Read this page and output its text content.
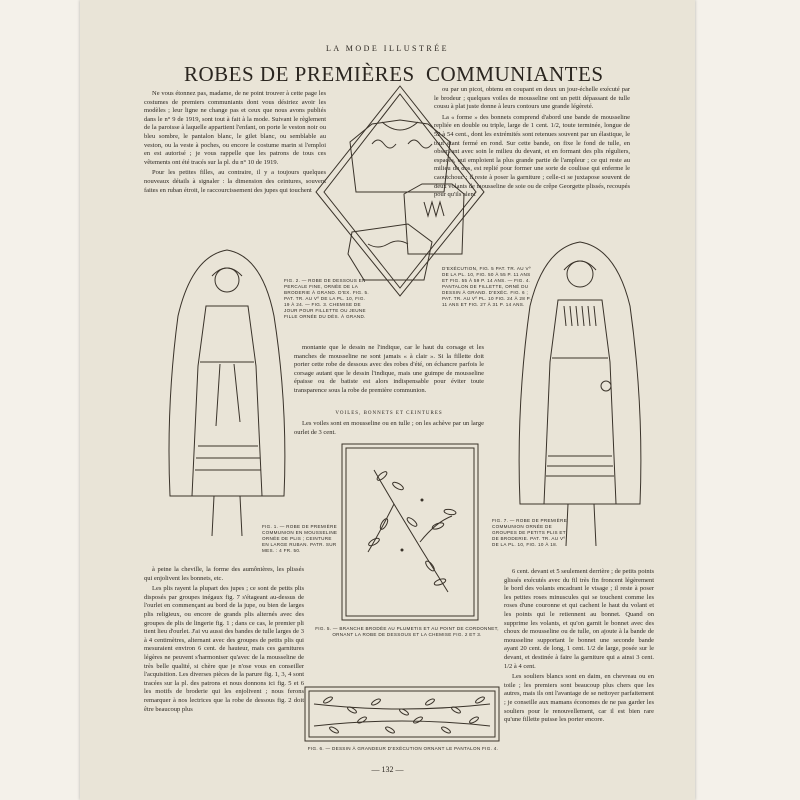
LA MODE ILLUSTRÉE
ROBES DE PREMIÈRES COMMUNIANTES

Ne vous étonnez pas, madame, de ne point trouver à cette page les costumes de premiers communiants dont vous désiriez avoir les modèles ; leur ligne ne change pas et ceux que nous avons publiés dans le n° 9 de 1919, sont tout à fait à la mode. Suivant le règlement de la paroisse à laquelle appartient l'enfant, on porte le veston noir ou bleu sombre, le pantalon blanc, le gilet blanc, ou semblable au veston, ou la veste à poches, ou encore le costume marin si l'emploi en est autorisé ; je vous rappelle que les patrons de tous ces vêtements ont été tracés sur la pl. du n° 10 de 1919.

Pour les petites filles, au contraire, il y a toujours quelques nouveaux détails à signaler : la dimension des ceintures, souvent faites en ruban étroit, le raccourcissement des jupes qui touchent

ou par un picot, obtenu en coupant en deux un jour-échelle exécuté par le brodeur ; quelques voiles de mousseline ont un petit dépassant de tulle cousu à plat juste donne à leurs contours une grande légèreté.

La « forme » des bonnets comprend d'abord une bande de mousseline repliée en double ou triple, large de 1 cent. 1/2, toute terminée, longue de 52 à 54 cent., dont les extrémités sont retenues souvent par un élastique, le tout étant fermé en rond. Sur cette bande, on fixe le fond de tulle, en observant avec soin le milieu du devant, et en formant des plis réguliers, espacés, qui emploient la plus grande partie de l'ampleur ; ce qui reste au milieu du dos, est replié pour former une sorte de coulisse qui enferme le caoutchouc ; il reste à poser la garniture ; celle-ci se juxtapose souvent de deux volants de mousseline de soie ou de crêpe Georgette plissés, recoupés pour qu'ils alent

FIG. 2. — ROBE DE DESSOUS EN PERCALE FINE, ORNÉE DE LA BRODERIE À GRAND. D'EX. FIG. 5. PAT. TR. AU Vº DE LA PL. 10, FIG. 19 À 24. — FIG. 3. CHEMISE DE JOUR POUR FILLETTE OU JEUNE FILLE ORNÉE DU DÉS. À GRAND.
D'EXÉCUTION, FIG. 5 PAT. TR. AU Vº DE LA PL. 10, FIG. 50 À 55 P. 11 ANS ET FIG. 55 À 59 P. 14 ANS. — FIG. 4. PANTALON DE FILLETTE, ORNÉ DU DESSIN À GRAND. D'EXÉC. FIG. 6 ; PAT. TR. AU Vº PL. 10 FIG. 24 À 28 P. 11 ANS ET FIG. 27 À 31 P. 14 ANS.
FIG. 1. — ROBE DE PREMIÈRE COMMUNION EN MOUSSELINE ORNÉE DE PLIS ; CEINTURE EN LARGE RUBAN. PATR. SUR MES. : 4 FR. 50.
FIG. 7. — ROBE DE PREMIÈRE COMMUNION ORNÉE DE GROUPES DE PETITS PLIS ET DE BRODERIE. PAT. TR. AU Vº DE LA PL. 10, FIG. 10 À 18.

montante que le dessin ne l'indique, car le haut du corsage et les manches de mousseline ne sont jamais « à clair ». Si la fillette doit porter cette robe de dessous avec des robes d'été, on échancre parfois le corsage autant que le dessin l'indique, mais une guimpe de mousseline épaisse ou de batiste est alors indispensable pour éviter toute transparence sous la robe de première communion.

VOILES, BONNETS ET CEINTURES

Les voiles sont en mousseline ou en tulle ; on les achève par un large ourlet de 3 cent.

FIG. 5. — BRANCHE BRODÉE AU PLUMETIS ET AU POINT DE CORDONNET, ORNANT LA ROBE DE DESSOUS ET LA CHEMISE FIG. 2 ET 3.

à peine la cheville, la forme des aumônières, les plissés qui enjolivent les bonnets, etc.

Les plis rayent la plupart des jupes ; ce sont de petits plis disposés par groupes inégaux fig. 7 s'étageant au-dessus de l'ourlet en commençant au bord de la jupe, ou bien de larges plis religieux, ou encore de grands plis alternés avec des groupes de plis de lingerie fig. 1 ; dans ce cas, le premier pli tient lieu d'ourlet. J'ai vu aussi des bandes de tulle larges de 3 à 4 centimètres, alternant avec des groupes de petits plis qui mesuraient environ 6 cent. de hauteur, mais ces garnitures légères ne peuvent s'harmoniser qu'avec de la mousseline de très belle qualité, si chère que je n'ose vous en conseiller l'acquisition. Les diverses pièces de la parure fig. 1, 3, 4 sont tracées sur la pl. des patrons et nous donnons ici fig. 5 et 6 les motifs de broderie qui les enjolivent ; nous ferons remarquer à nos lectrices que la robe de dessous fig. 2 doit être beaucoup plus

6 cent. devant et 5 seulement derrière ; de petits points glissés exécutés avec du fil très fin froncent légèrement le bord des volants encadrant le visage ; il reste à poser les petites roses minuscules qui se touchent comme les roses d'une couronne et qui cachent le haut du volant et les points qui le retiennent au bonnet. Quand on supprime les volants, et qu'on garnit le bonnet avec des choux de mousseline ou de tulle, on ajoute à la bande de mousseline supportant le bonnet une seconde bande ayant 20 cent. de long, 1 cent. 1/2 de large, posée sur le devant, et destinée à faire la garniture qui a ainsi 3 cent. 1/2 à 4 cent.

Les souliers blancs sont en daim, en chevreau ou en toile ; les premiers sont beaucoup plus chers que les autres, mais ils ont l'avantage de se nettoyer parfaitement ; je conseille aux mamans économes de ne pas garder les souliers pour le renouvellement, car il est bien rare qu'une fillette puisse les porter encore.

FIG. 6. — DESSIN À GRANDEUR D'EXÉCUTION ORNANT LE PANTALON FIG. 4.
— 132 —
